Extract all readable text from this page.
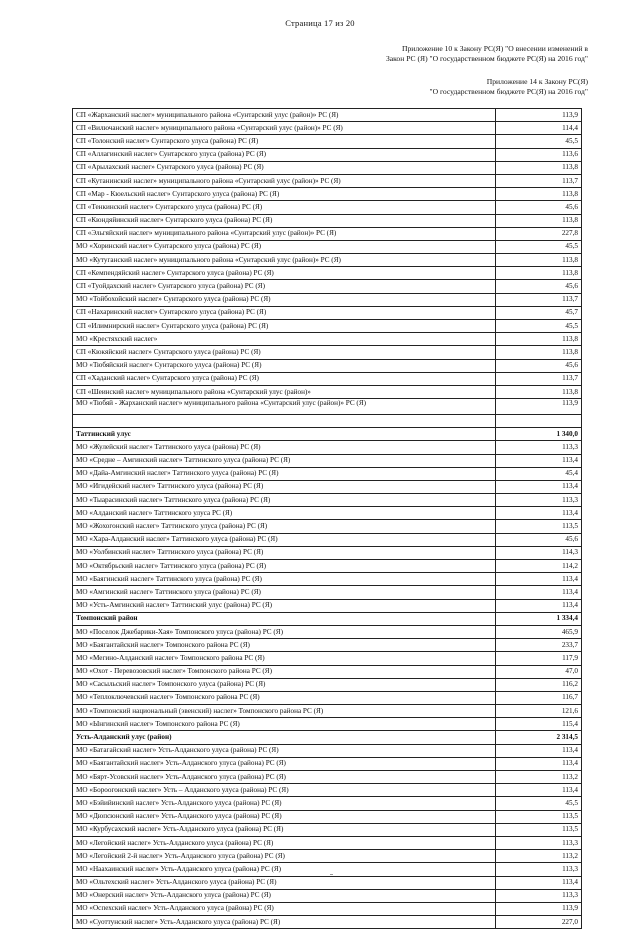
Страница 17 из 20
Приложение 10 к Закону РС(Я) "О внесении изменений в
Закон РС (Я) "О государственном бюджете РС(Я) на 2016 год"
Приложение 14 к Закону РС(Я)
"О государственном бюджете РС(Я) на 2016 год"
СП «Жарханский наслег» муниципального района «Сунтарский улус (район)» РС (Я)	113,9
СП «Вилючанский наслег» муниципального района «Сунтарский улус (район)» РС (Я)	114,4
СП «Толонский наслег» Сунтарского улуса (района) РС (Я)	45,5
СП «Аллагинский наслег» Сунтарского улуса (района) РС (Я)	113,6
СП «Арылахский наслег» Сунтарского улуса (района) РС (Я)	113,8
СП «Кутанинский наслег» муниципального района «Сунтарский улус (район)» РС (Я)	113,7
СП «Мар - Кюельский наслег» Сунтарского улуса (района) РС (Я)	113,8
СП «Тенкинский наслег» Сунтарского улуса (района) РС (Я)	45,6
СП «Кюндяйинский наслег» Сунтарского улуса (района) РС (Я)	113,8
СП «Эльгяйский наслег» муниципального района «Сунтарский улус (район)» РС (Я)	227,8
МО «Хоринский наслег» Сунтарского улуса (района) РС (Я)	45,5
МО «Кутуганский наслег» муниципального района «Сунтарский улус (район)» РС (Я)	113,8
СП «Кемпендяйский наслег» Сунтарского улуса (района) РС (Я)	113,8
СП «Туойдахский наслег» Сунтарского улуса (района) РС (Я)	45,6
МО «Тойбохойский наслег» Сунтарского улуса (района) РС (Я)	113,7
СП «Нахаринский наслег» Сунтарского улуса (района) РС (Я)	45,7
СП «Илимнирский наслег» Сунтарского улуса (района) РС (Я)	45,5
МО «Крестяхский наслег»	113,8
СП «Кюкяйский наслег» Сунтарского улуса (района) РС (Я)	113,8
МО «Тюбяйский наслег» Сунтарского улуса (района) РС (Я)	45,6
СП «Хаданский наслег» Сунтарского улуса (района) РС (Я)	113,7
СП «Шеинский наслег» муниципального района «Сунтарский улус (район)»	113,8
МО «Тюбяй - Жарханский наслег» муниципального района «Сунтарский улус (район)» РС (Я)	113,9

Таттинский улус	1 340,0
МО «Жулейский наслег» Таттинского улуса (района) РС (Я)	113,3
МО «Средне – Амгинский наслег» Таттинского улуса (района) РС (Я)	113,4
МО «Дайа-Амгинский наслег» Таттинского улуса (района) РС (Я)	45,4
МО «Игидейский наслег» Таттинского улуса (района) РС (Я)	113,4
МО «Тыарасинский наслег» Таттинского улуса (района) РС (Я)	113,3
МО «Алданский наслег» Таттинского улуса РС (Я)	113,4
МО «Жохогонский наслег» Таттинского улуса (района) РС (Я)	113,5
МО «Хара-Алданский наслег» Таттинского улуса (района) РС (Я)	45,6
МО «Уолбинский наслег» Таттинского улуса (района) РС (Я)	114,3
МО «Октябрьский наслег» Таттинского улуса (района) РС (Я)	114,2
МО «Баягинский наслег» Таттинского улуса (района) РС (Я)	113,4
МО «Амгинский наслег» Таттинского улуса (района) РС (Я)	113,4
МО «Усть-Амгинский наслег» Таттинский улус (района) РС (Я)	113,4
Томпонский район	1 334,4
МО «Поселок Джебарики-Хая» Томпонского улуса (района) РС (Я)	465,9
МО «Баягантайский наслег» Томпонского района РС (Я)	233,7
МО «Мегино-Алданский наслег» Томпонского района РС (Я)	117,9
МО «Охот - Перевозовский наслег» Томпонского района РС (Я)	47,0
МО «Сасыльский наслег» Томпонского улуса (района) РС (Я)	116,2
МО «Теплоключевский наслег» Томпонского района РС (Я)	116,7
МО «Томпонский национальный (эвенский) наслег» Томпонского района РС (Я)	121,6
МО «Ынгинский наслег» Томпонского района РС (Я)	115,4
Усть-Алданский улус (район)	2 314,5
МО «Батагайский наслег» Усть-Алданского улуса (района) РС (Я)	113,4
МО «Баягантайский наслег» Усть-Алданского улуса (района) РС (Я)	113,4
МО «Бярт-Усовский наслег» Усть-Алданского улуса (района) РС (Я)	113,2
МО «Бороогонский наслег» Усть – Алданского улуса (района) РС (Я)	113,4
МО «Бэйийинский наслег» Усть-Алданского улуса (района) РС (Я)	45,5
МО «Дюпсюнский наслег» Усть-Алданского улуса (района) РС (Я)	113,5
МО «Курбусахский наслег» Усть-Алданского улуса (района) РС (Я)	113,5
МО «Легойский наслег» Усть-Алданского улуса (района) РС (Я)	113,3
МО «Легойский 2-й наслег» Усть-Алданского улуса (района) РС (Я)	113,2
МО «Наахаинский наслег» Усть-Алданского улуса (района) РС (Я)	113,3
МО «Ольтехский наслег» Усть-Алданского улуса (района) РС (Я)	113,4
МО «Онерский наслег» Усть-Алданского улуса (района) РС (Я)	113,3
МО «Оспехский наслег» Усть-Алданского улуса (района) РС (Я)	113,9
МО «Суоттунский наслег» Усть-Алданского улуса (района) РС (Я)	227,0
